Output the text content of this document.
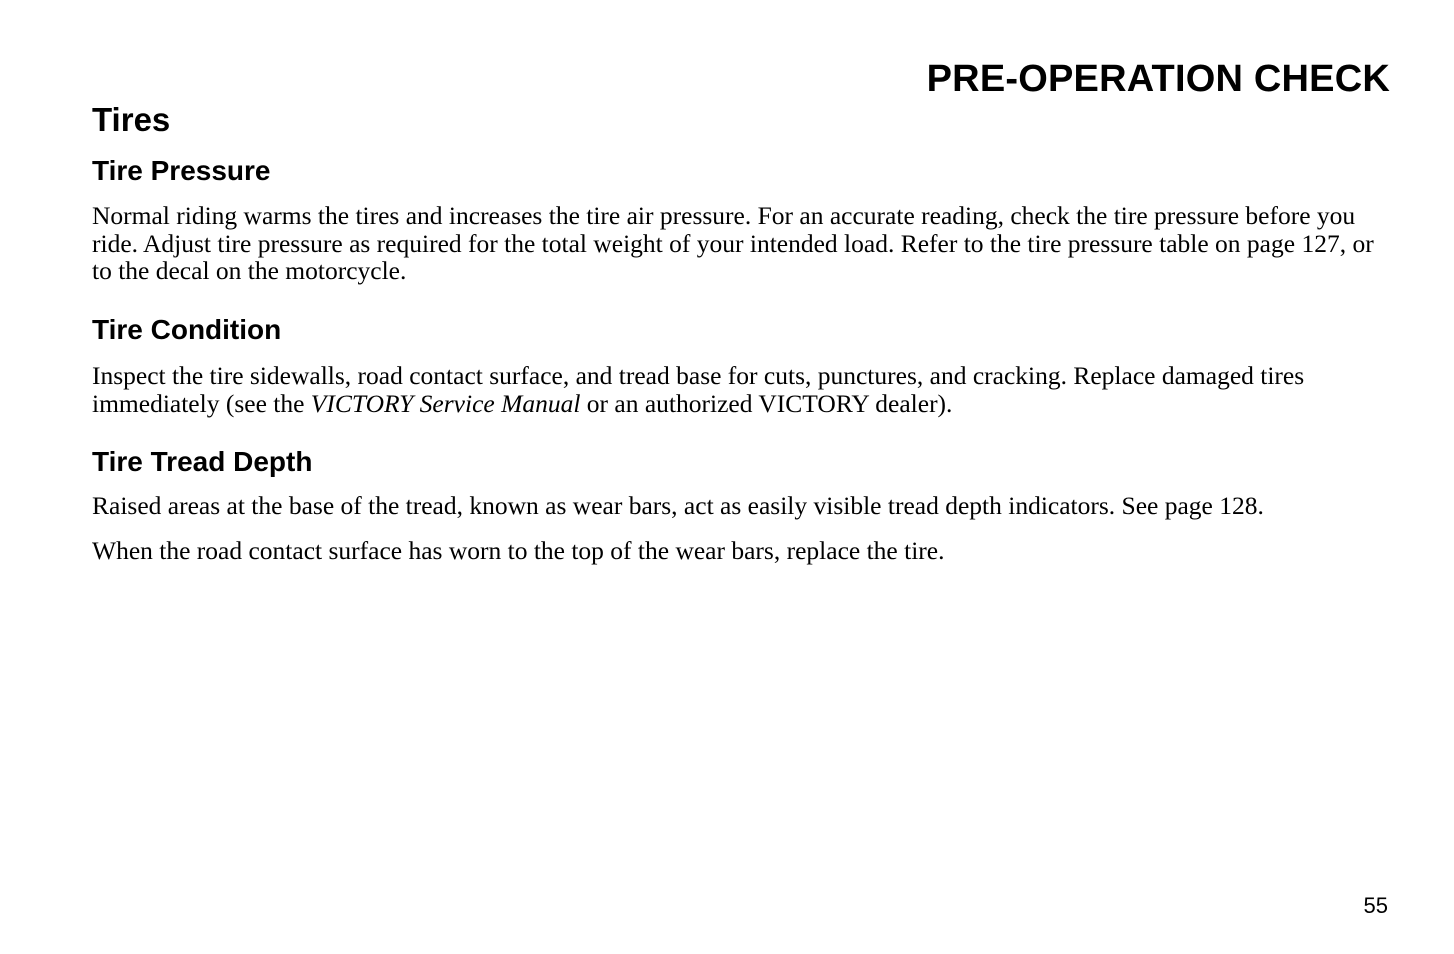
PRE-OPERATION CHECK
Tires
Tire Pressure

Normal riding warms the tires and increases the tire air pressure. For an accurate reading, check the tire pressure before you ride. Adjust tire pressure as required for the total weight of your intended load. Refer to the tire pressure table on page 127, or to the decal on the motorcycle.

Tire Condition

Inspect the tire sidewalls, road contact surface, and tread base for cuts, punctures, and cracking. Replace damaged tires immediately (see the VICTORY Service Manual or an authorized VICTORY dealer).

Tire Tread Depth

Raised areas at the base of the tread, known as wear bars, act as easily visible tread depth indicators. See page 128.

When the road contact surface has worn to the top of the wear bars, replace the tire.

55
